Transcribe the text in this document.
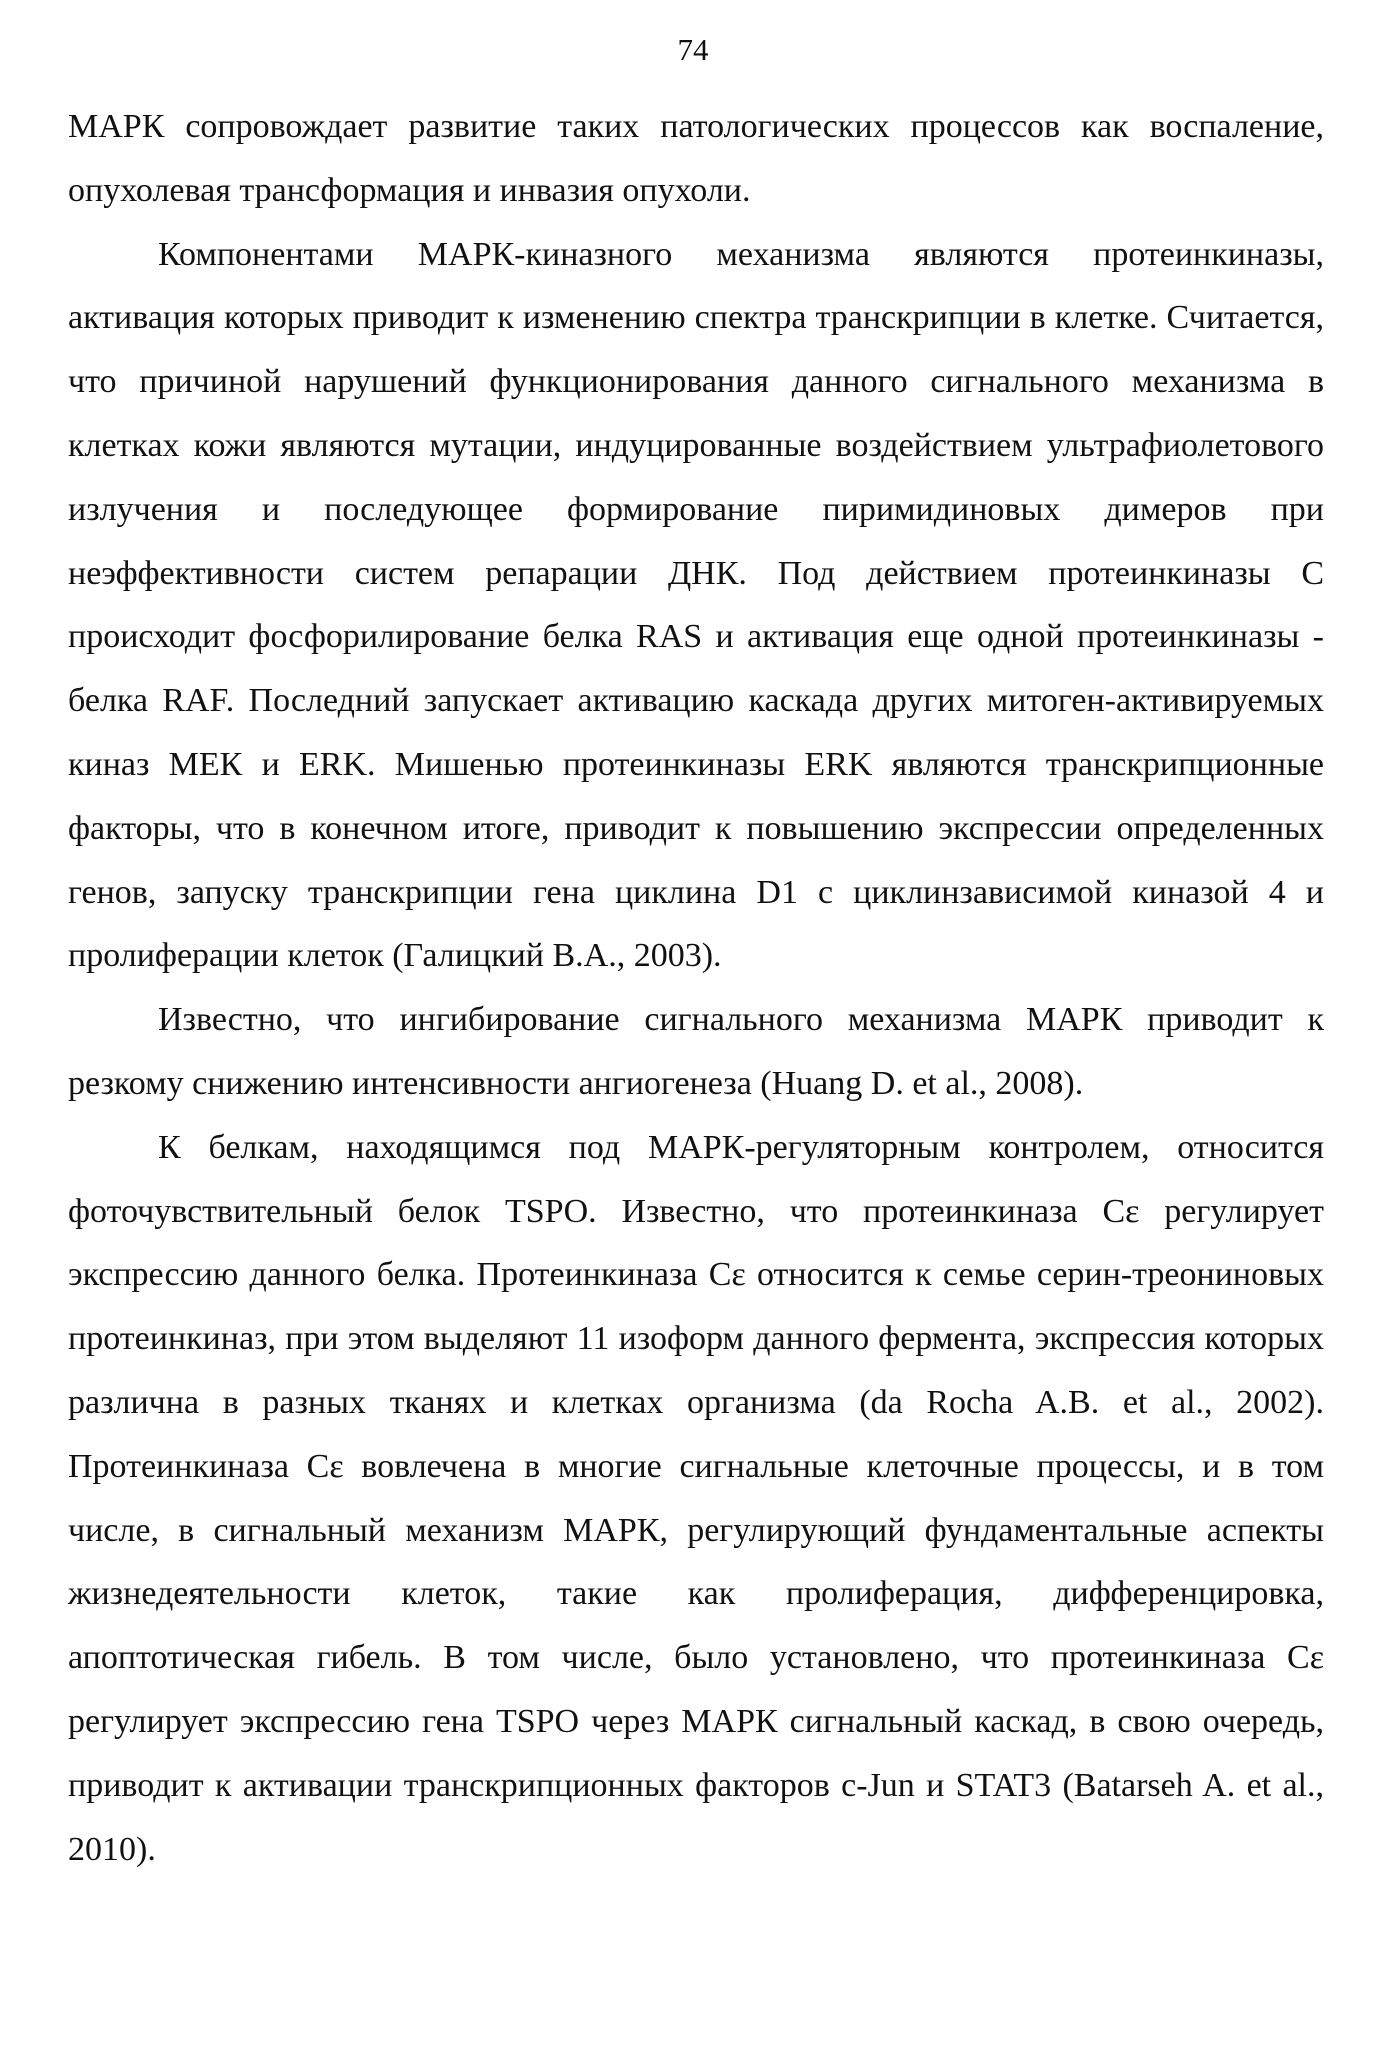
74

МАРК сопровождает развитие таких патологических процессов как воспаление, опухолевая трансформация и инвазия опухоли.

Компонентами МАРК-киназного механизма являются протеинкиназы, активация которых приводит к изменению спектра транскрипции в клетке. Считается, что причиной нарушений функционирования данного сигнального механизма в клетках кожи являются мутации, индуцированные воздействием ультрафиолетового излучения и последующее формирование пиримидиновых димеров при неэффективности систем репарации ДНК. Под действием протеинкиназы С происходит фосфорилирование белка RAS и активация еще одной протеинкиназы - белка RAF. Последний запускает активацию каскада других митоген-активируемых киназ МЕК и ERK. Мишенью протеинкиназы ERK являются транскрипционные факторы, что в конечном итоге, приводит к повышению экспрессии определенных генов, запуску транскрипции гена циклина D1 с циклинзависимой киназой 4 и пролиферации клеток (Галицкий В.А., 2003).

Известно, что ингибирование сигнального механизма МАРК приводит к резкому снижению интенсивности ангиогенеза (Huang D. et al., 2008).

К белкам, находящимся под МАРК-регуляторным контролем, относится фоточувствительный белок TSPO. Известно, что протеинкиназа Сε регулирует экспрессию данного белка. Протеинкиназа Сε относится к семье серин-треониновых протеинкиназ, при этом выделяют 11 изоформ данного фермента, экспрессия которых различна в разных тканях и клетках организма (da Rocha A.B. et al., 2002). Протеинкиназа Сε вовлечена в многие сигнальные клеточные процессы, и в том числе, в сигнальный механизм МАРК, регулирующий фундаментальные аспекты жизнедеятельности клеток, такие как пролиферация, дифференцировка, апоптотическая гибель. В том числе, было установлено, что протеинкиназа Сε регулирует экспрессию гена TSPO через МАРК сигнальный каскад, в свою очередь, приводит к активации транскрипционных факторов c-Jun и STAT3 (Batarseh A. et al., 2010).
